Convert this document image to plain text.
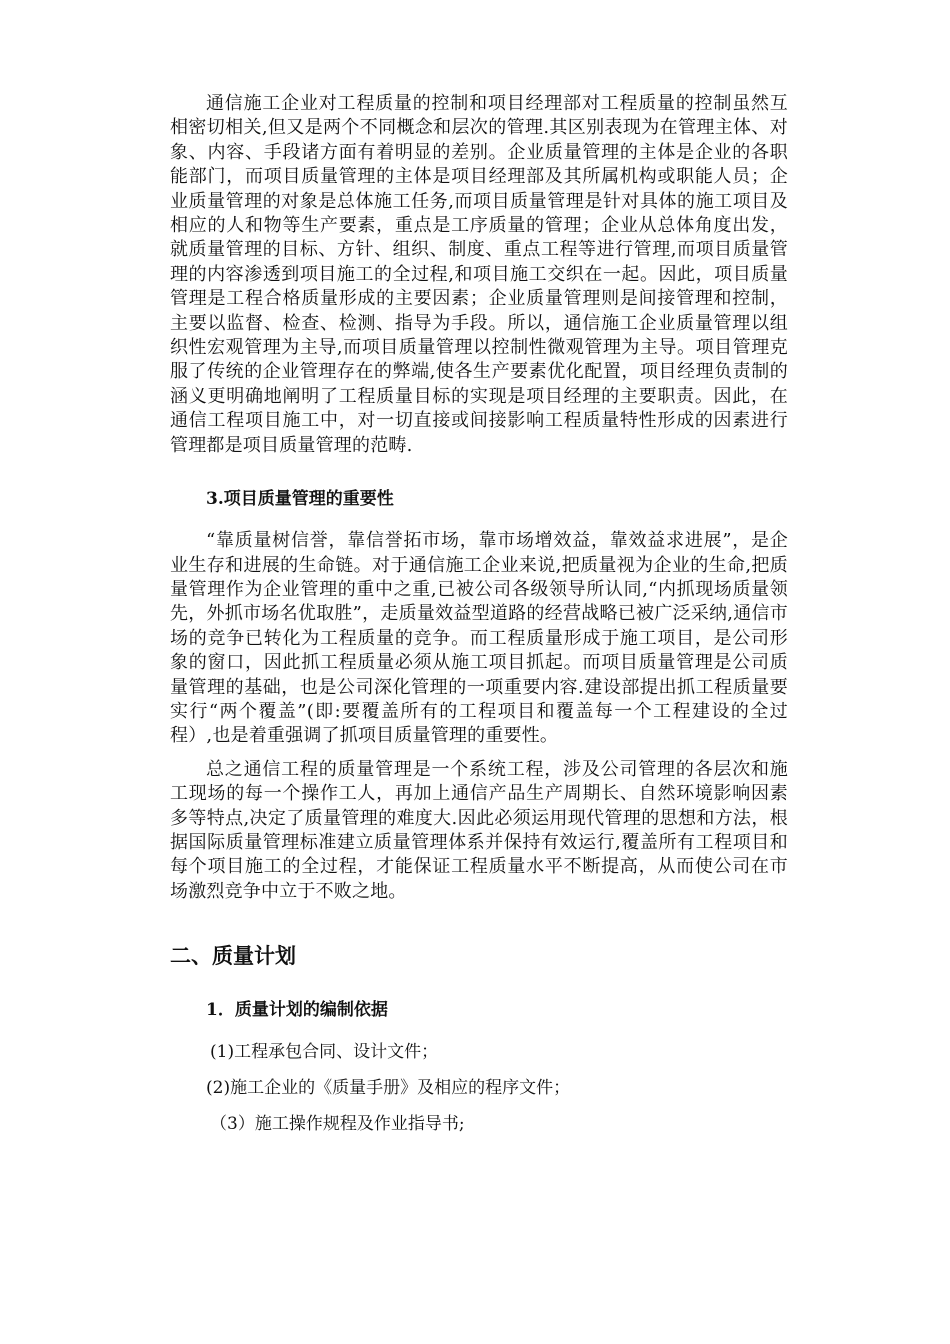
通信施工企业对工程质量的控制和项目经理部对工程质量的控制虽然互相密切相关,但又是两个不同概念和层次的管理.其区别表现为在管理主体、对象、内容、手段诸方面有着明显的差别。企业质量管理的主体是企业的各职能部门，而项目质量管理的主体是项目经理部及其所属机构或职能人员；企业质量管理的对象是总体施工任务,而项目质量管理是针对具体的施工项目及相应的人和物等生产要素，重点是工序质量的管理；企业从总体角度出发，就质量管理的目标、方针、组织、制度、重点工程等进行管理,而项目质量管理的内容渗透到项目施工的全过程,和项目施工交织在一起。因此，项目质量管理是工程合格质量形成的主要因素；企业质量管理则是间接管理和控制，主要以监督、检查、检测、指导为手段。所以，通信施工企业质量管理以组织性宏观管理为主导,而项目质量管理以控制性微观管理为主导。项目管理克服了传统的企业管理存在的弊端,使各生产要素优化配置，项目经理负责制的涵义更明确地阐明了工程质量目标的实现是项目经理的主要职责。因此，在通信工程项目施工中，对一切直接或间接影响工程质量特性形成的因素进行管理都是项目质量管理的范畴.

3.项目质量管理的重要性

“靠质量树信誉，靠信誉拓市场，靠市场增效益，靠效益求进展”，是企业生存和进展的生命链。对于通信施工企业来说,把质量视为企业的生命,把质量管理作为企业管理的重中之重,已被公司各级领导所认同,“内抓现场质量领先，外抓市场名优取胜”，走质量效益型道路的经营战略已被广泛采纳,通信市场的竞争已转化为工程质量的竞争。而工程质量形成于施工项目，是公司形象的窗口，因此抓工程质量必须从施工项目抓起。而项目质量管理是公司质量管理的基础，也是公司深化管理的一项重要内容.建设部提出抓工程质量要实行“两个覆盖”(即:要覆盖所有的工程项目和覆盖每一个工程建设的全过程）,也是着重强调了抓项目质量管理的重要性。

总之通信工程的质量管理是一个系统工程，涉及公司管理的各层次和施工现场的每一个操作工人，再加上通信产品生产周期长、自然环境影响因素多等特点,决定了质量管理的难度大.因此必须运用现代管理的思想和方法，根据国际质量管理标准建立质量管理体系并保持有效运行,覆盖所有工程项目和每个项目施工的全过程，才能保证工程质量水平不断提高，从而使公司在市场激烈竞争中立于不败之地。

二、质量计划

1．质量计划的编制依据

(1)工程承包合同、设计文件；

(2)施工企业的《质量手册》及相应的程序文件；

（3）施工操作规程及作业指导书;
